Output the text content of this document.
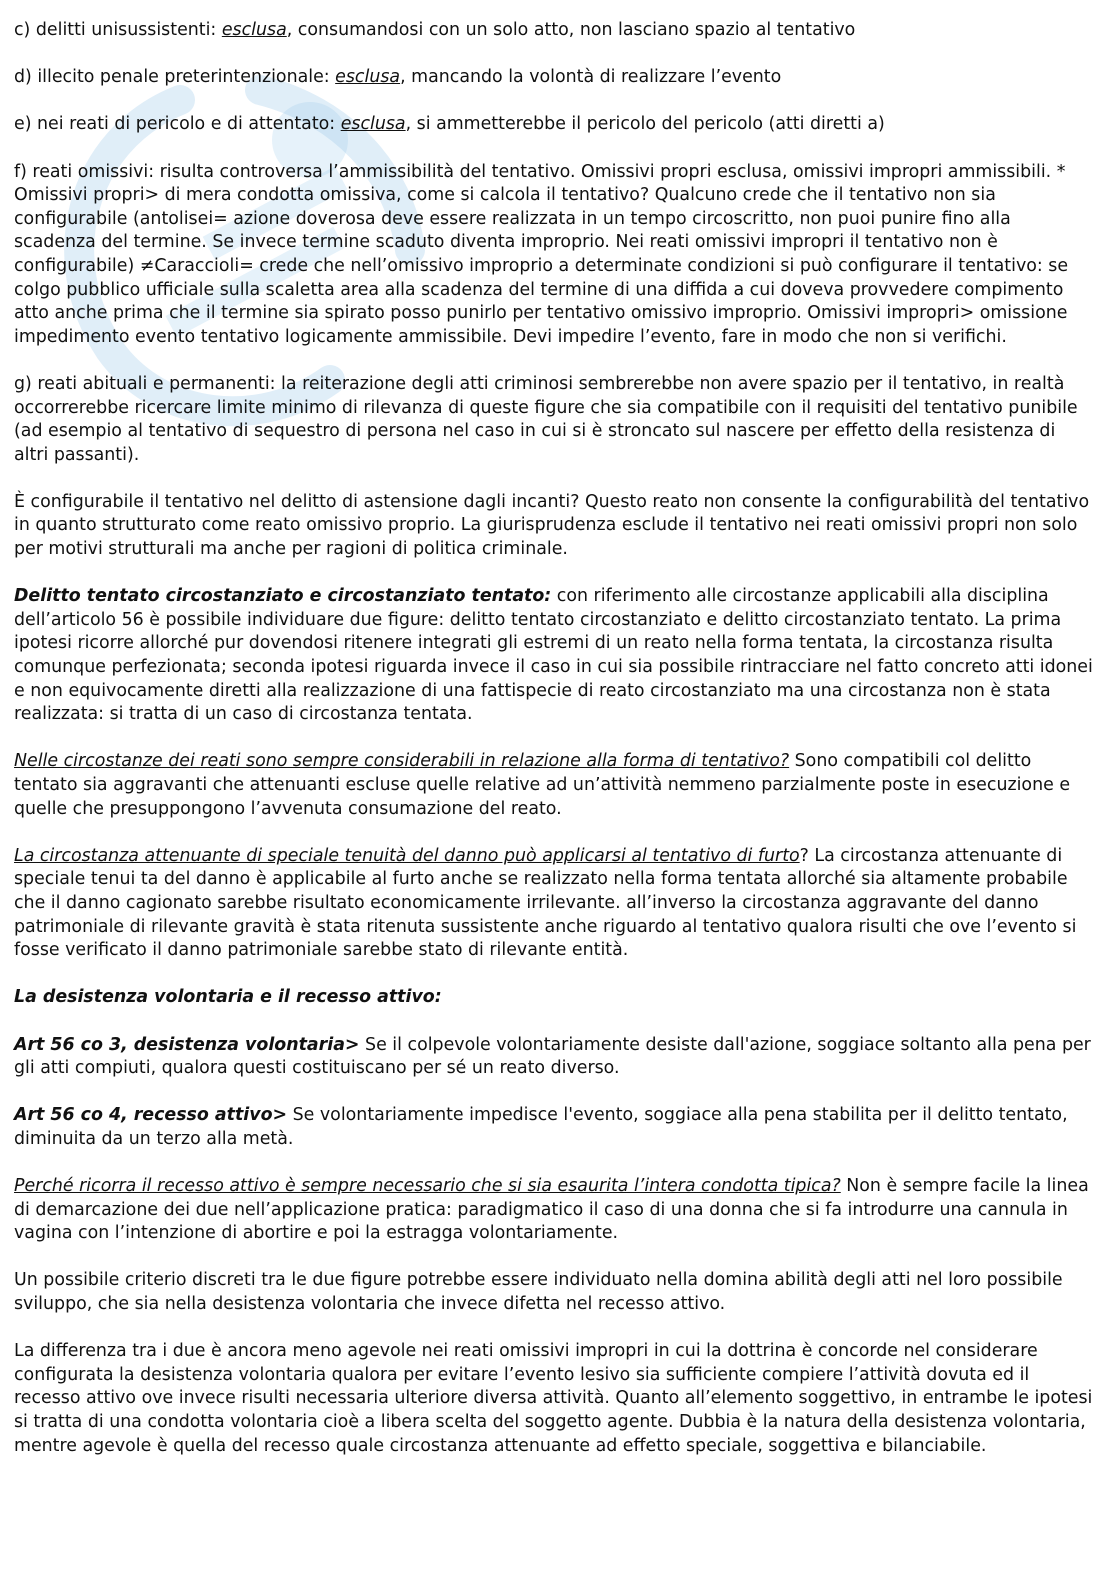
c) delitti unisussistenti: esclusa, consumandosi con un solo atto, non lasciano spazio al tentativo

d) illecito penale preterintenzionale: esclusa, mancando la volontà di realizzare l’evento

e) nei reati di pericolo e di attentato: esclusa, si ammetterebbe il pericolo del pericolo (atti diretti a)

f) reati omissivi: risulta controversa l’ammissibilità del tentativo. Omissivi propri esclusa, omissivi impropri ammissibili. * Omissivi propri> di mera condotta omissiva, come si calcola il tentativo? Qualcuno crede che il tentativo non sia configurabile (antolisei= azione doverosa deve essere realizzata in un tempo circoscritto, non puoi punire fino alla scadenza del termine. Se invece termine scaduto diventa improprio. Nei reati omissivi impropri il tentativo non è configurabile) ≠Caraccioli= crede che nell’omissivo improprio a determinate condizioni si può configurare il tentativo: se colgo pubblico ufficiale sulla scaletta area alla scadenza del termine di una diffida a cui doveva provvedere compimento atto anche prima che il termine sia spirato posso punirlo per tentativo omissivo improprio. Omissivi impropri> omissione impedimento evento tentativo logicamente ammissibile. Devi impedire l’evento, fare in modo che non si verifichi.

g) reati abituali e permanenti: la reiterazione degli atti criminosi sembrerebbe non avere spazio per il tentativo, in realtà occorrerebbe ricercare limite minimo di rilevanza di queste figure che sia compatibile con il requisiti del tentativo punibile (ad esempio al tentativo di sequestro di persona nel caso in cui si è stroncato sul nascere per effetto della resistenza di altri passanti).

È configurabile il tentativo nel delitto di astensione dagli incanti? Questo reato non consente la configurabilità del tentativo in quanto strutturato come reato omissivo proprio. La giurisprudenza esclude il tentativo nei reati omissivi propri non solo per motivi strutturali ma anche per ragioni di politica criminale.

Delitto tentato circostanziato e circostanziato tentato: con riferimento alle circostanze applicabili alla disciplina dell’articolo 56 è possibile individuare due figure: delitto tentato circostanziato e delitto circostanziato tentato. La prima ipotesi ricorre allorché pur dovendosi ritenere integrati gli estremi di un reato nella forma tentata, la circostanza risulta comunque perfezionata; seconda ipotesi riguarda invece il caso in cui sia possibile rintracciare nel fatto concreto atti idonei e non equivocamente diretti alla realizzazione di una fattispecie di reato circostanziato ma una circostanza non è stata realizzata: si tratta di un caso di circostanza tentata.

Nelle circostanze dei reati sono sempre considerabili in relazione alla forma di tentativo? Sono compatibili col delitto tentato sia aggravanti che attenuanti escluse quelle relative ad un’attività nemmeno parzialmente poste in esecuzione e quelle che presuppongono l’avvenuta consumazione del reato.

La circostanza attenuante di speciale tenuità del danno può applicarsi al tentativo di furto? La circostanza attenuante di speciale tenui ta del danno è applicabile al furto anche se realizzato nella forma tentata allorché sia altamente probabile che il danno cagionato sarebbe risultato economicamente irrilevante. all’inverso la circostanza aggravante del danno patrimoniale di rilevante gravità è stata ritenuta sussistente anche riguardo al tentativo qualora risulti che ove l’evento si fosse verificato il danno patrimoniale sarebbe stato di rilevante entità.

La desistenza volontaria e il recesso attivo:

Art 56 co 3, desistenza volontaria> Se il colpevole volontariamente desiste dall'azione, soggiace soltanto alla pena per gli atti compiuti, qualora questi costituiscano per sé un reato diverso.

Art 56 co 4, recesso attivo> Se volontariamente impedisce l'evento, soggiace alla pena stabilita per il delitto tentato, diminuita da un terzo alla metà.

Perché ricorra il recesso attivo è sempre necessario che si sia esaurita l’intera condotta tipica? Non è sempre facile la linea di demarcazione dei due nell’applicazione pratica: paradigmatico il caso di una donna che si fa introdurre una cannula in vagina con l’intenzione di abortire e poi la estragga volontariamente.

Un possibile criterio discreti tra le due figure potrebbe essere individuato nella domina abilità degli atti nel loro possibile sviluppo, che sia nella desistenza volontaria che invece difetta nel recesso attivo.

La differenza tra i due è ancora meno agevole nei reati omissivi impropri in cui la dottrina è concorde nel considerare configurata la desistenza volontaria qualora per evitare l’evento lesivo sia sufficiente compiere l’attività dovuta ed il recesso attivo ove invece risulti necessaria ulteriore diversa attività. Quanto all’elemento soggettivo, in entrambe le ipotesi si tratta di una condotta volontaria cioè a libera scelta del soggetto agente. Dubbia è la natura della desistenza volontaria, mentre agevole è quella del recesso quale circostanza attenuante ad effetto speciale, soggettiva e bilanciabile.
